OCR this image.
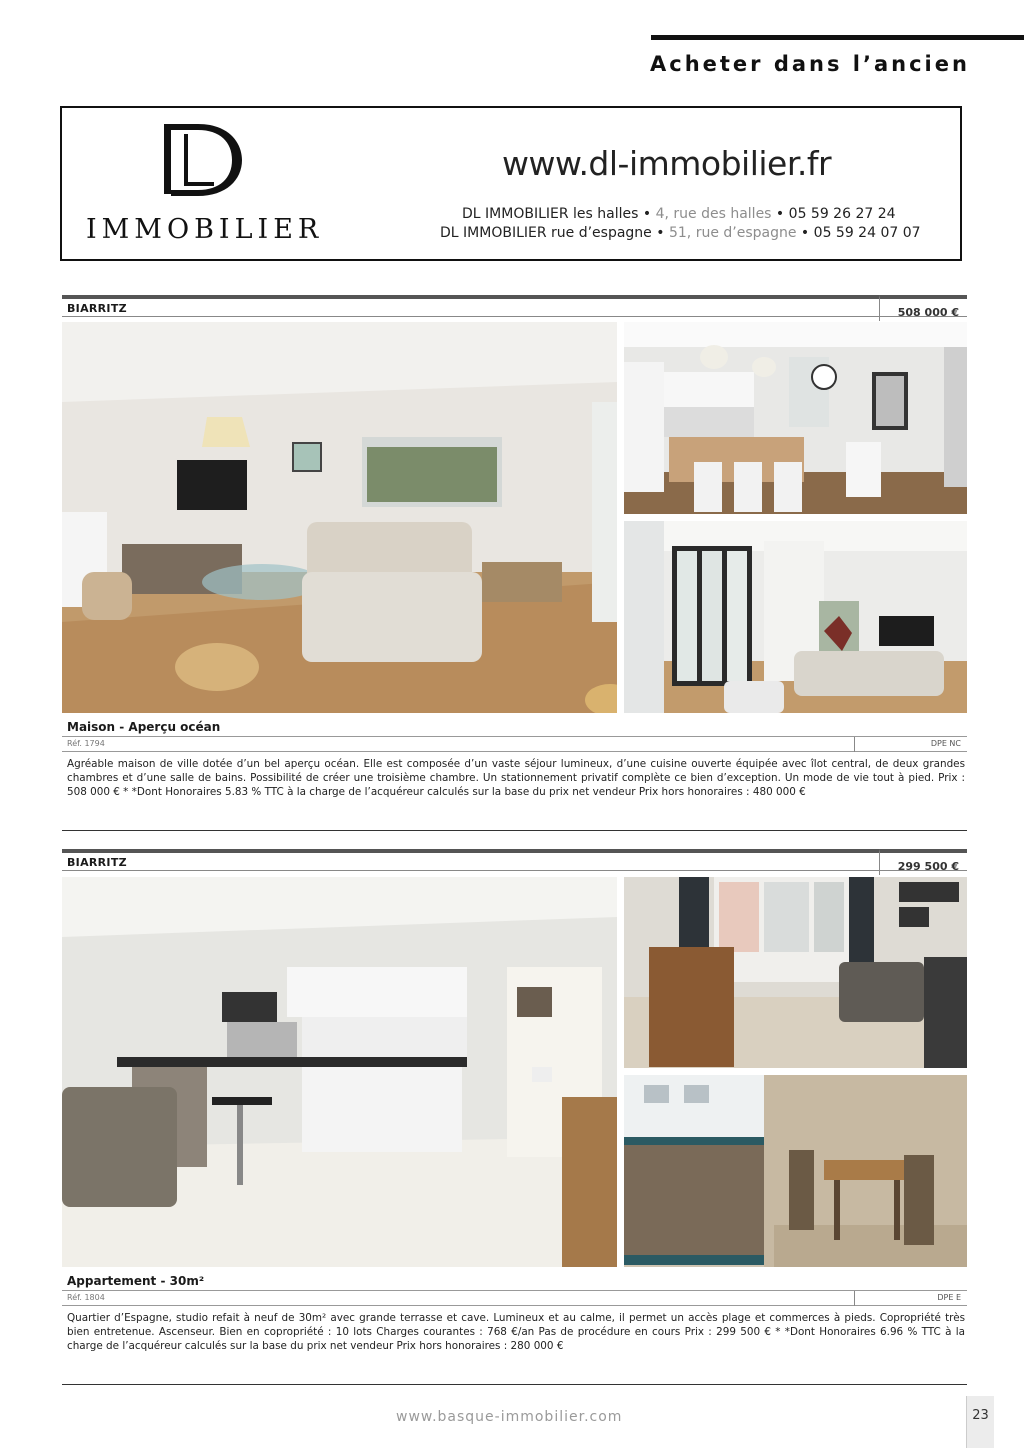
Acheter dans l’ancien
IMMOBILIER
www.dl-immobilier.fr
DL IMMOBILIER les halles • 4, rue des halles • 05 59 26 27 24
DL IMMOBILIER rue d’espagne • 51, rue d’espagne • 05 59 24 07 07
BIARRITZ	508 000 €
Maison - Aperçu océan
Réf. 1794	DPE NC
Agréable maison de ville dotée d’un bel aperçu océan. Elle est composée d’un vaste séjour lumineux, d’une cuisine ouverte équipée avec îlot central, de deux grandes chambres et d’une salle de bains. Possibilité de créer une troisième chambre. Un stationnement privatif complète ce bien d’exception. Un mode de vie tout à pied. Prix : 508 000 € * *Dont Honoraires 5.83 % TTC à la charge de l’acquéreur calculés sur la base du prix net vendeur Prix hors honoraires : 480 000 €
BIARRITZ	299 500 €
Appartement - 30m²
Réf. 1804	DPE E
Quartier d’Espagne, studio refait à neuf de 30m² avec grande terrasse et cave. Lumineux et au calme, il permet un accès plage et commerces à pieds. Copropriété très bien entretenue. Ascenseur. Bien en copropriété : 10 lots Charges courantes : 768 €/an Pas de procédure en cours Prix : 299 500 € * *Dont Honoraires 6.96 % TTC à la charge de l’acquéreur calculés sur la base du prix net vendeur Prix hors honoraires : 280 000 €
www.basque-immobilier.com	23
